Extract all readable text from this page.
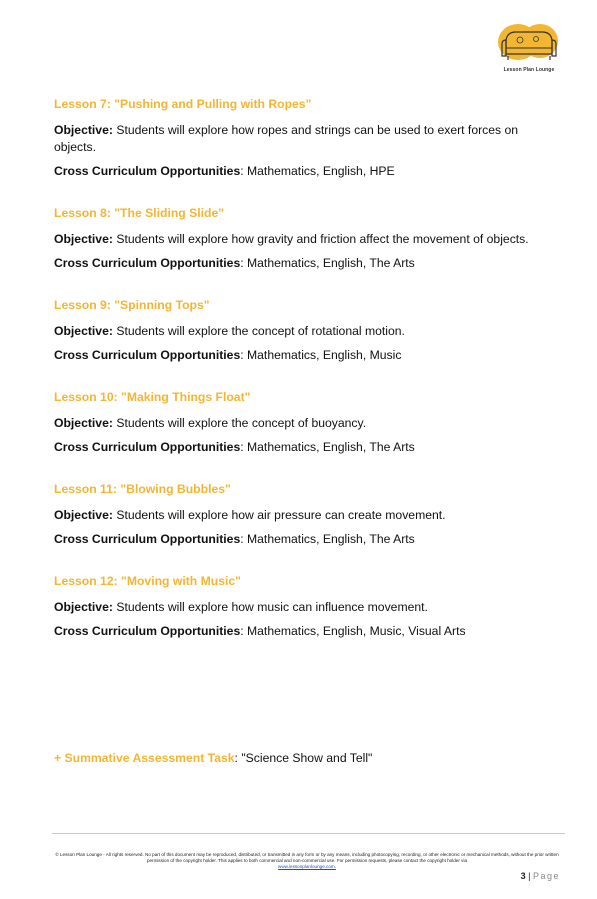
Lesson Plan Lounge
Lesson 7: "Pushing and Pulling with Ropes"
Objective: Students will explore how ropes and strings can be used to exert forces on objects.
Cross Curriculum Opportunities: Mathematics, English, HPE
Lesson 8: "The Sliding Slide"
Objective: Students will explore how gravity and friction affect the movement of objects.
Cross Curriculum Opportunities: Mathematics, English, The Arts
Lesson 9: "Spinning Tops"
Objective: Students will explore the concept of rotational motion.
Cross Curriculum Opportunities: Mathematics, English, Music
Lesson 10: "Making Things Float"
Objective: Students will explore the concept of buoyancy.
Cross Curriculum Opportunities: Mathematics, English, The Arts
Lesson 11: "Blowing Bubbles"
Objective: Students will explore how air pressure can create movement.
Cross Curriculum Opportunities: Mathematics, English, The Arts
Lesson 12: "Moving with Music"
Objective: Students will explore how music can influence movement.
Cross Curriculum Opportunities: Mathematics, English, Music, Visual Arts
+ Summative Assessment Task: "Science Show and Tell"
© Lesson Plan Lounge - All rights reserved. No part of this document may be reproduced, distributed, or transmitted in any form or by any means, including photocopying, recording, or other electronic or mechanical methods, without the prior written permission of the copyright holder. This applies to both commercial and non-commercial use. For permission requests, please contact the copyright holder via
www.lessonplanlounge.com.
3 | Page
